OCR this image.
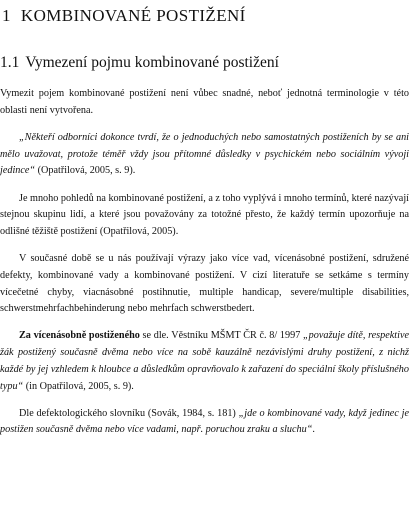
1 KOMBINOVANÉ POSTIŽENÍ
1.1 Vymezení pojmu kombinované postižení

Vymezit pojem kombinované postižení není vůbec snadné, neboť jednotná terminologie v této oblasti není vytvořena.

„Někteří odborníci dokonce tvrdí, že o jednoduchých nebo samostatných postiženích by se ani mělo uvažovat, protože téměř vždy jsou přítomné důsledky v psychickém nebo sociálním vývoji jedince“ (Opatřilová, 2005, s. 9).

Je mnoho pohledů na kombinované postižení, a z toho vyplývá i mnoho termínů, které nazývají stejnou skupinu lidí, a které jsou považovány za totožné přesto, že každý termín upozorňuje na odlišné těžiště postižení (Opatřilová, 2005).

V současné době se u nás používají výrazy jako více vad, vícenásobné postižení, sdružené defekty, kombinované vady a kombinované postižení. V cizí literatuře se setkáme s termíny vícečetné chyby, viacnásobné postihnutie, multiple handicap, severe/multiple disabilities, schwerstmehrfachbehinderung nebo mehrfach schwerstbedert.

Za vícenásobně postiženého se dle. Věstníku MŠMT ČR č. 8/ 1997 „považuje dítě, respektive žák postižený současně dvěma nebo více na sobě kauzálně nezávislými druhy postižení, z nichž každé by jej vzhledem k hloubce a důsledkům opravňovalo k zařazení do speciální školy příslušného typu“ (in Opatřilová, 2005, s. 9).

Dle defektologického slovníku (Sovák, 1984, s. 181) „jde o kombinované vady, když jedinec je postižen současně dvěma nebo více vadami, např. poruchou zraku a sluchu“.
